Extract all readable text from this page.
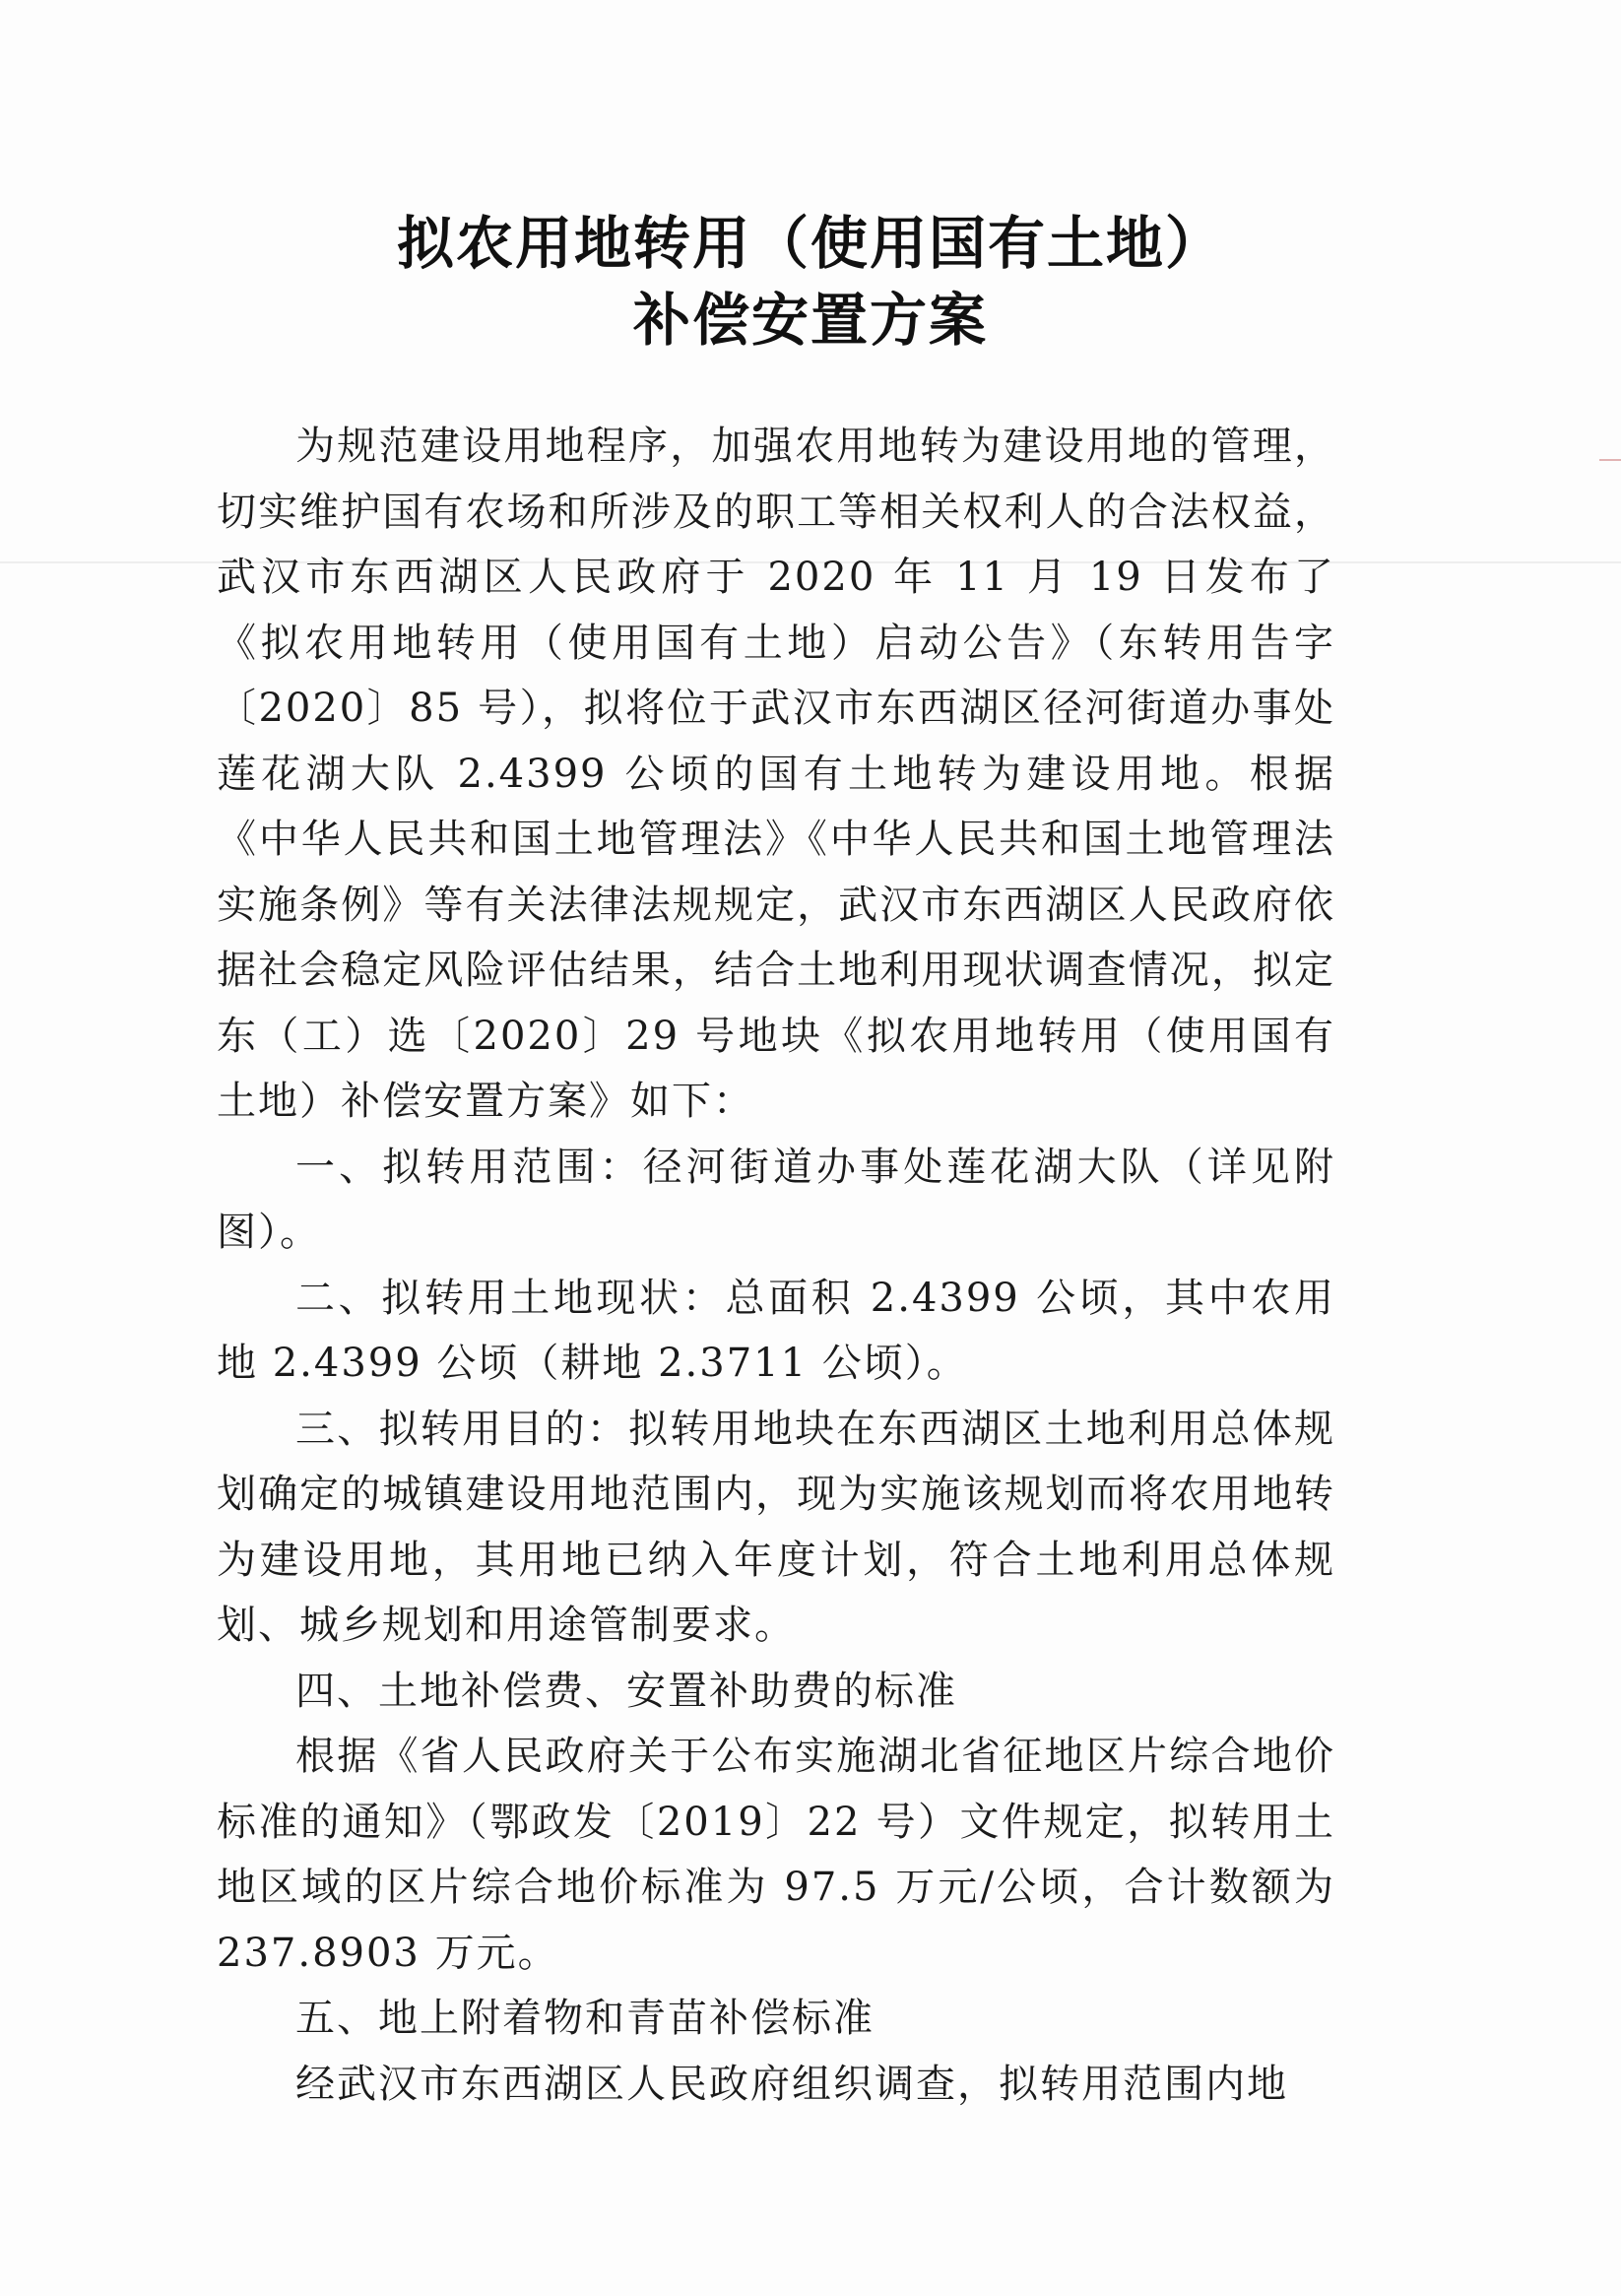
拟农用地转用（使用国有土地）
补偿安置方案

为规范建设用地程序，加强农用地转为建设用地的管理，切实维护国有农场和所涉及的职工等相关权利人的合法权益，武汉市东西湖区人民政府于 2020 年 11 月 19 日发布了《拟农用地转用（使用国有土地）启动公告》（东转用告字〔2020〕85 号），拟将位于武汉市东西湖区径河街道办事处莲花湖大队 2.4399 公顷的国有土地转为建设用地。根据《中华人民共和国土地管理法》《中华人民共和国土地管理法实施条例》等有关法律法规规定，武汉市东西湖区人民政府依据社会稳定风险评估结果，结合土地利用现状调查情况，拟定东（工）选〔2020〕29 号地块《拟农用地转用（使用国有土地）补偿安置方案》如下：

一、拟转用范围：径河街道办事处莲花湖大队（详见附图）。

二、拟转用土地现状：总面积 2.4399 公顷，其中农用地 2.4399 公顷（耕地 2.3711 公顷）。

三、拟转用目的：拟转用地块在东西湖区土地利用总体规划确定的城镇建设用地范围内，现为实施该规划而将农用地转为建设用地，其用地已纳入年度计划，符合土地利用总体规划、城乡规划和用途管制要求。

四、土地补偿费、安置补助费的标准

根据《省人民政府关于公布实施湖北省征地区片综合地价标准的通知》（鄂政发〔2019〕22 号）文件规定，拟转用土地区域的区片综合地价标准为 97.5 万元/公顷，合计数额为 237.8903 万元。

五、地上附着物和青苗补偿标准

经武汉市东西湖区人民政府组织调查，拟转用范围内地
